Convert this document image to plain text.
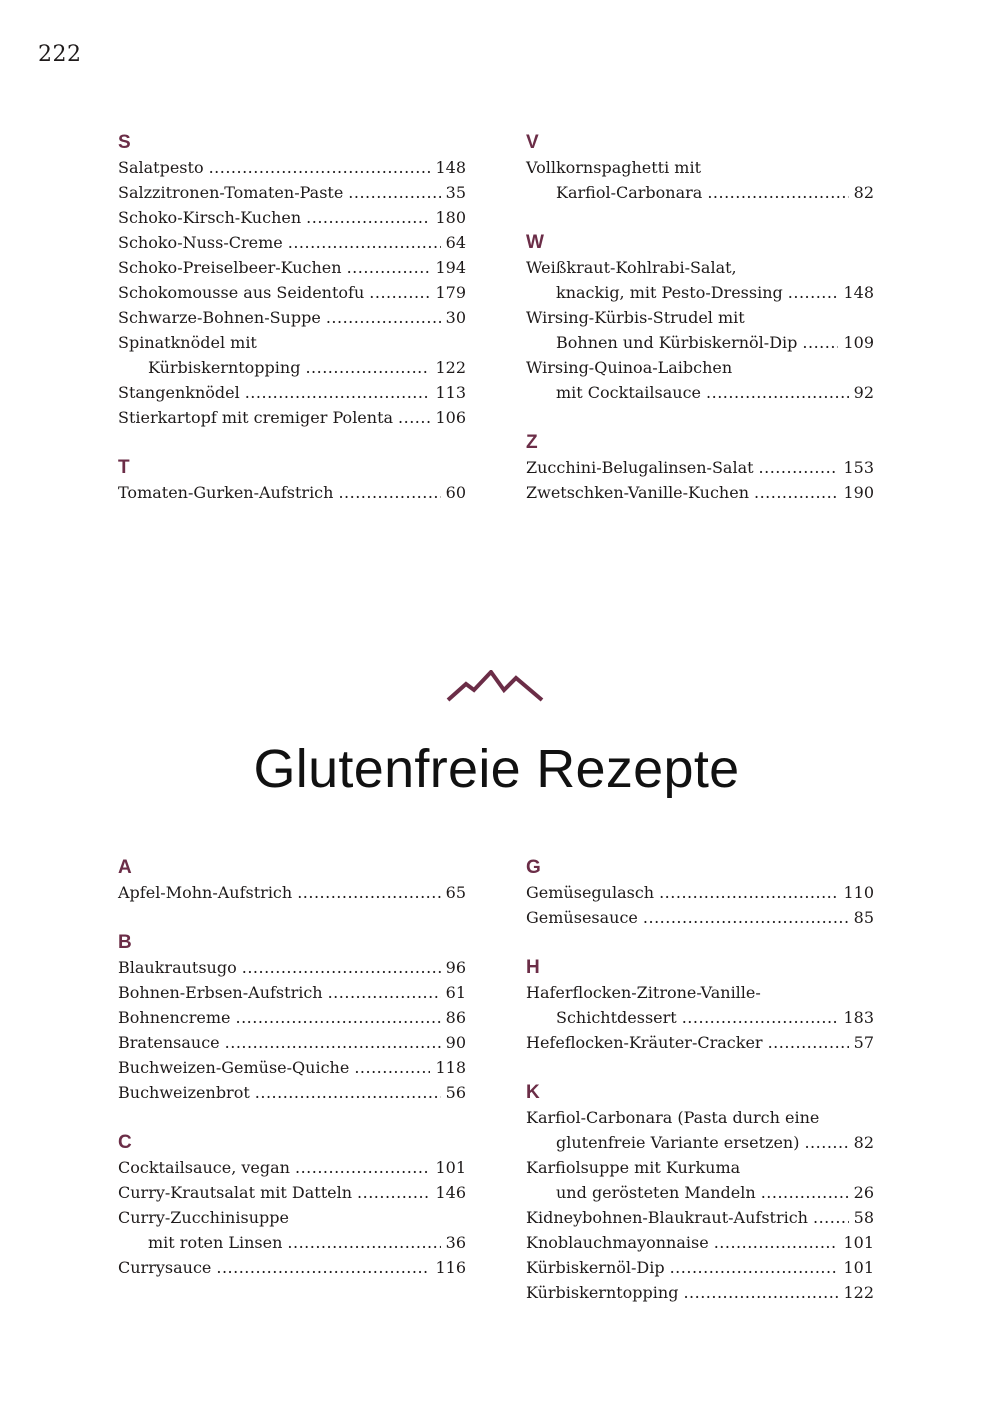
222
S
Salatpesto .....	148
Salzzitronen-Tomaten-Paste .....	35
Schoko-Kirsch-Kuchen .....	180
Schoko-Nuss-Creme .....	64
Schoko-Preiselbeer-Kuchen .....	194
Schokomousse aus Seidentofu .....	179
Schwarze-Bohnen-Suppe .....	30
Spinatknödel mit
Kürbiskerntopping .....	122
Stangenknödel .....	113
Stierkartopf mit cremiger Polenta .....	106
T
Tomaten-Gurken-Aufstrich .....	60
V
Vollkornspaghetti mit
Karfiol-Carbonara .....	82
W
Weißkraut-Kohlrabi-Salat,
knackig, mit Pesto-Dressing .....	148
Wirsing-Kürbis-Strudel mit
Bohnen und Kürbiskernöl-Dip .....	109
Wirsing-Quinoa-Laibchen
mit Cocktailsauce .....	92
Z
Zucchini-Belugalinsen-Salat .....	153
Zwetschken-Vanille-Kuchen .....	190
Glutenfreie Rezepte
A
Apfel-Mohn-Aufstrich .....	65
B
Blaukrautsugo .....	96
Bohnen-Erbsen-Aufstrich .....	61
Bohnencreme .....	86
Bratensauce .....	90
Buchweizen-Gemüse-Quiche .....	118
Buchweizenbrot .....	56
C
Cocktailsauce, vegan .....	101
Curry-Krautsalat mit Datteln .....	146
Curry-Zucchinisuppe
mit roten Linsen .....	36
Currysauce .....	116
G
Gemüsegulasch .....	110
Gemüsesauce .....	85
H
Haferflocken-Zitrone-Vanille-
Schichtdessert .....	183
Hefeflocken-Kräuter-Cracker .....	57
K
Karfiol-Carbonara (Pasta durch eine
glutenfreie Variante ersetzen) .....	82
Karfiolsuppe mit Kurkuma
und gerösteten Mandeln .....	26
Kidneybohnen-Blaukraut-Aufstrich .....	58
Knoblauchmayonnaise .....	101
Kürbiskernöl-Dip .....	101
Kürbiskerntopping .....	122
